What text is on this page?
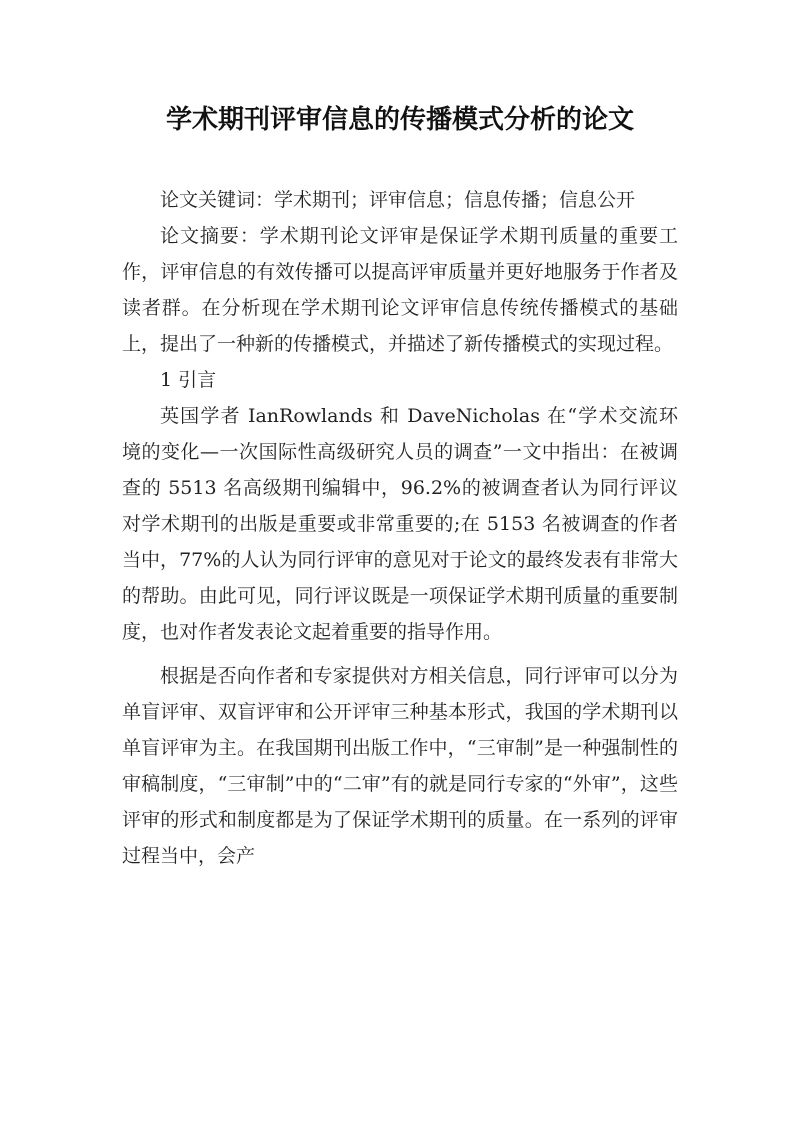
学术期刊评审信息的传播模式分析的论文

论文关键词：学术期刊；评审信息；信息传播；信息公开

论文摘要：学术期刊论文评审是保证学术期刊质量的重要工作，评审信息的有效传播可以提高评审质量并更好地服务于作者及读者群。在分析现在学术期刊论文评审信息传统传播模式的基础上，提出了一种新的传播模式，并描述了新传播模式的实现过程。

1 引言

英国学者 IanRowlands 和 DaveNicholas 在“学术交流环境的变化—一次国际性高级研究人员的调查”一文中指出：在被调查的 5513 名高级期刊编辑中，96.2%的被调查者认为同行评议对学术期刊的出版是重要或非常重要的;在 5153 名被调查的作者当中，77%的人认为同行评审的意见对于论文的最终发表有非常大的帮助。由此可见，同行评议既是一项保证学术期刊质量的重要制度，也对作者发表论文起着重要的指导作用。

根据是否向作者和专家提供对方相关信息，同行评审可以分为单盲评审、双盲评审和公开评审三种基本形式，我国的学术期刊以单盲评审为主。在我国期刊出版工作中，“三审制”是一种强制性的审稿制度，“三审制”中的“二审”有的就是同行专家的“外审”，这些评审的形式和制度都是为了保证学术期刊的质量。在一系列的评审过程当中，会产
